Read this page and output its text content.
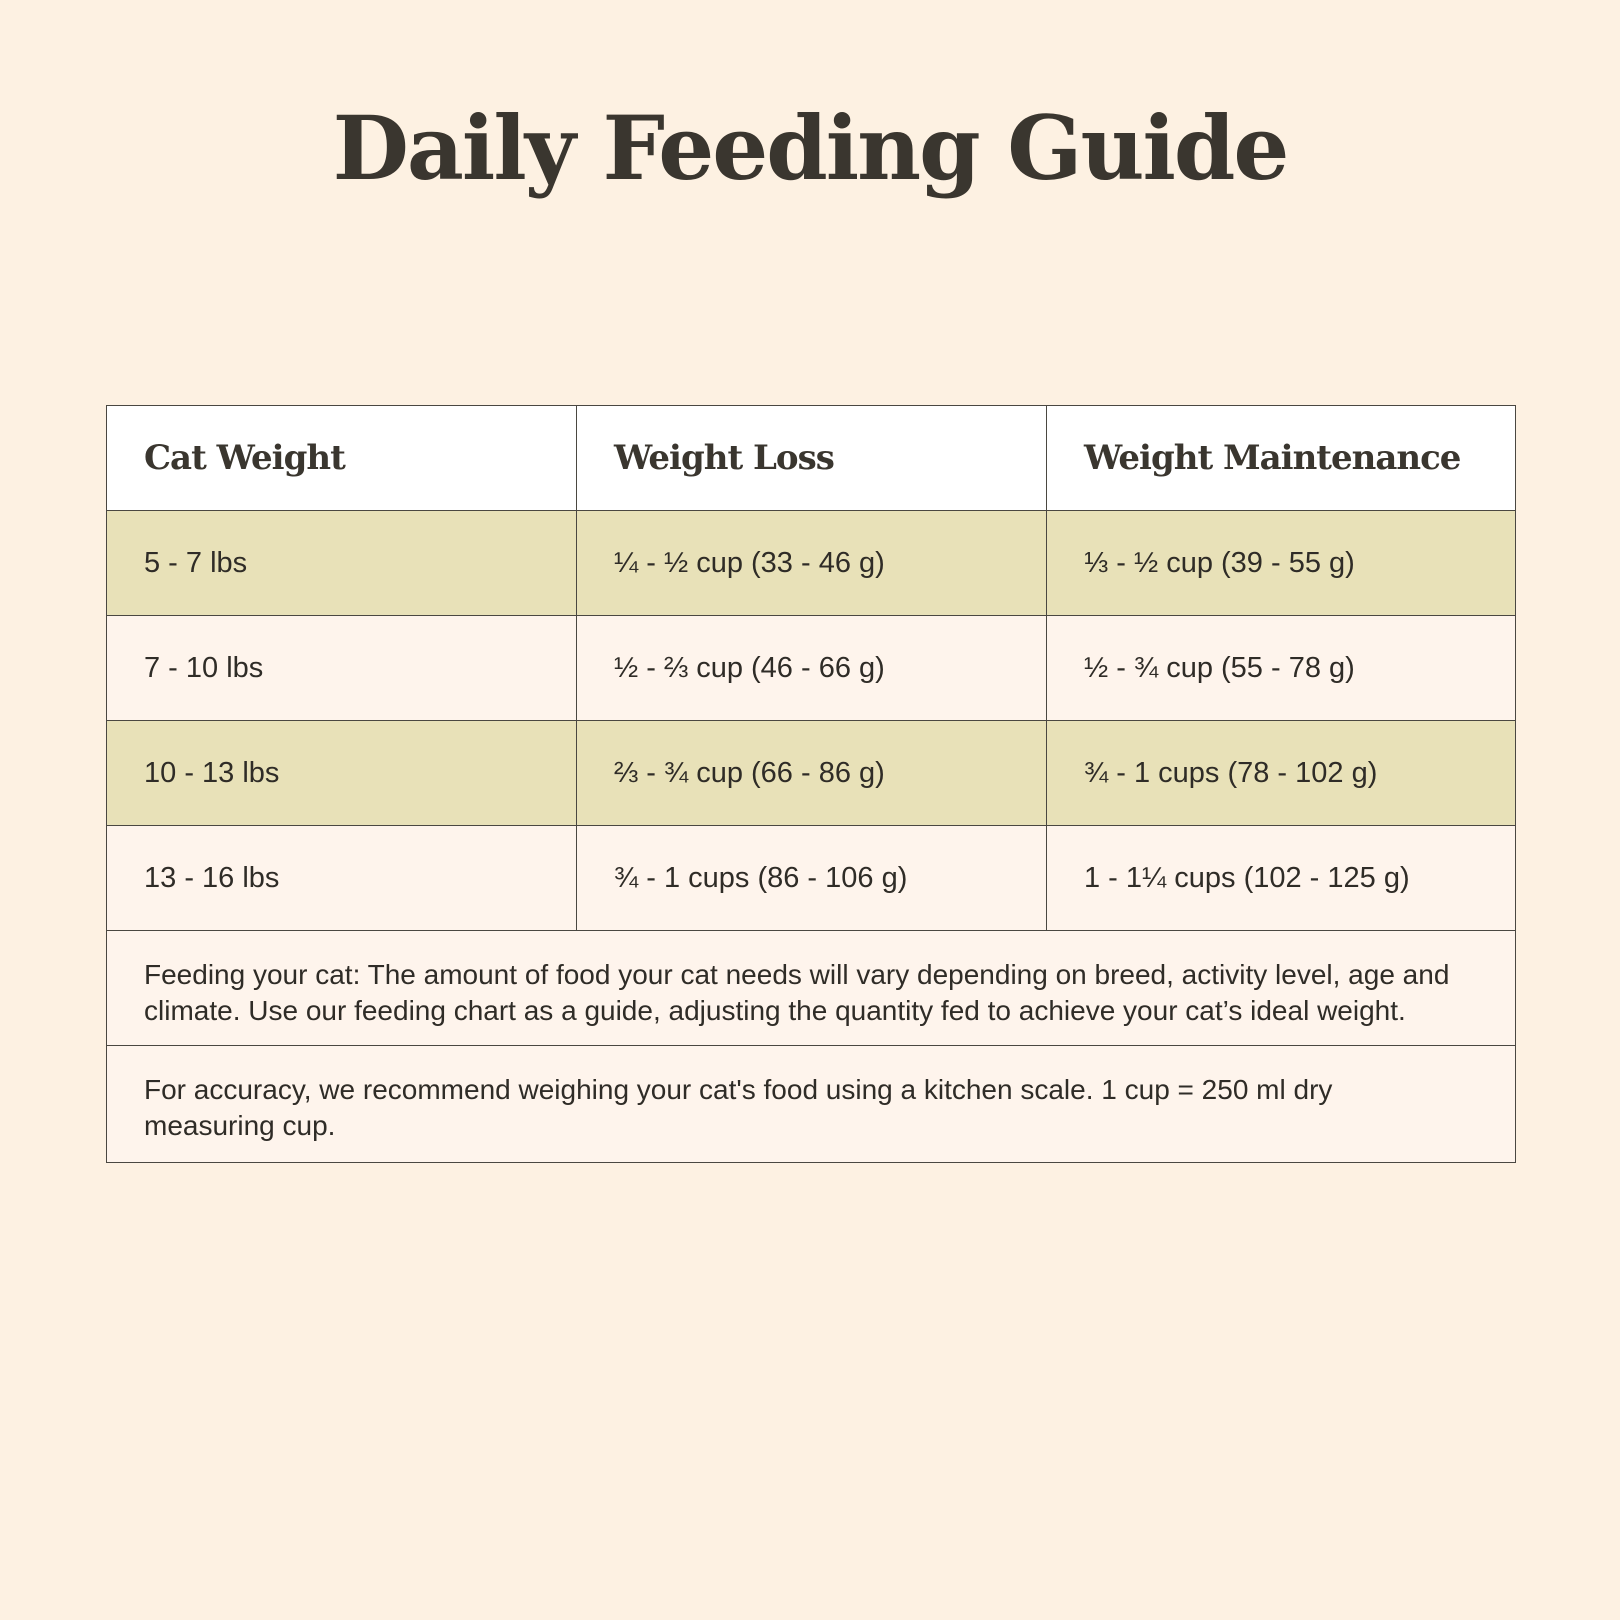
Daily Feeding Guide
Cat Weight	Weight Loss	Weight Maintenance
5 - 7 lbs	¼ - ½ cup (33 - 46 g)	⅓ - ½ cup (39 - 55 g)
7 - 10 lbs	½ - ⅔ cup (46 - 66 g)	½ - ¾ cup (55 - 78 g)
10 - 13 lbs	⅔ - ¾ cup (66 - 86 g)	¾ - 1 cups (78 - 102 g)
13 - 16 lbs	¾ - 1 cups (86 - 106 g)	1 - 1¼ cups (102 - 125 g)
Feeding your cat: The amount of food your cat needs will vary depending on breed, activity level, age and climate. Use our feeding chart as a guide, adjusting the quantity fed to achieve your cat’s ideal weight.		
For accuracy, we recommend weighing your cat's food using a kitchen scale. 1 cup = 250 ml dry measuring cup.		
